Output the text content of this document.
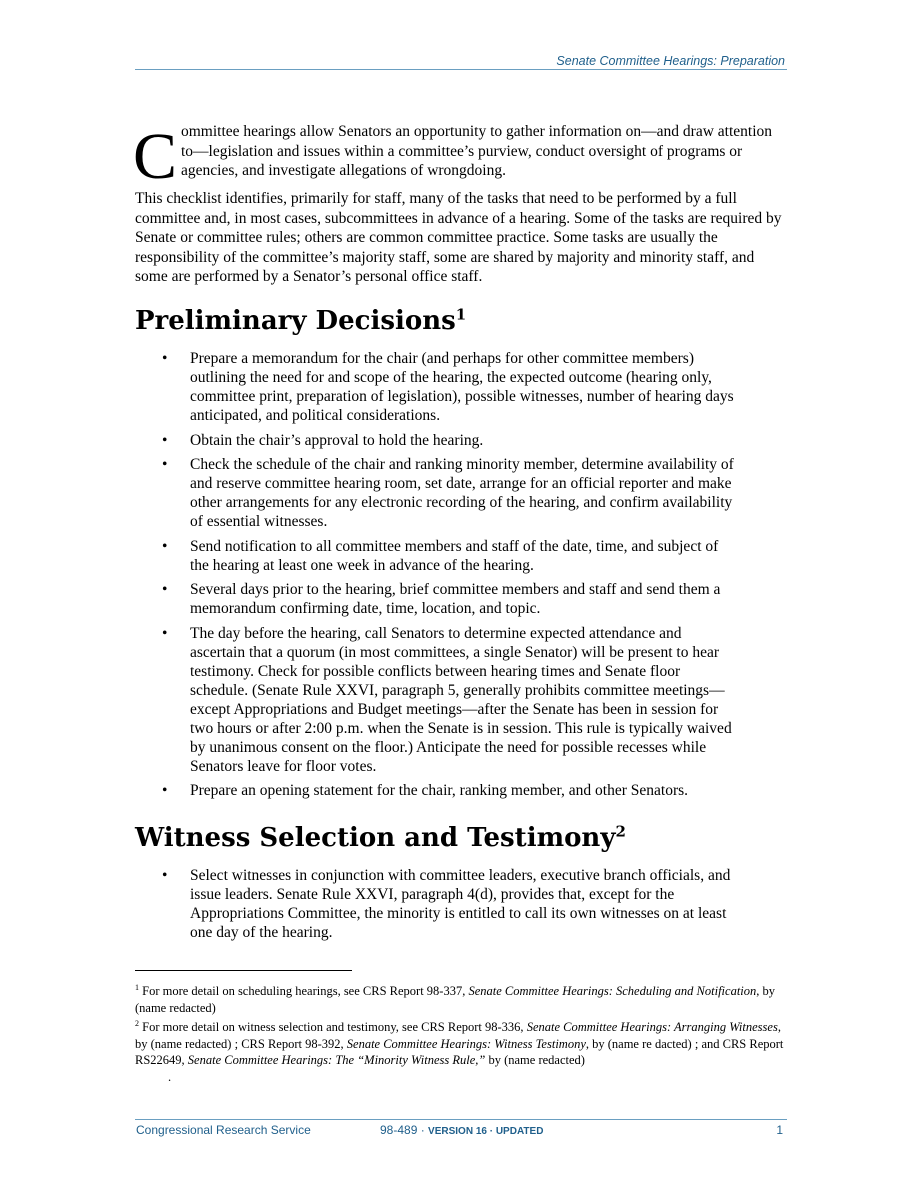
Senate Committee Hearings: Preparation
C ommittee hearings allow Senators an opportunity to gather information on—and draw attention to—legislation and issues within a committee’s purview, conduct oversight of programs or agencies, and investigate allegations of wrongdoing.
This checklist identifies, primarily for staff, many of the tasks that need to be performed by a full committee and, in most cases, subcommittees in advance of a hearing. Some of the tasks are required by Senate or committee rules; others are common committee practice. Some tasks are usually the responsibility of the committee’s majority staff, some are shared by majority and minority staff, and some are performed by a Senator’s personal office staff.
Preliminary Decisions$^1$
• Prepare a memorandum for the chair (and perhaps for other committee members) outlining the need for and scope of the hearing, the expected outcome (hearing only, committee print, preparation of legislation), possible witnesses, number of hearing days anticipated, and political considerations.
• Obtain the chair’s approval to hold the hearing.
• Check the schedule of the chair and ranking minority member, determine availability of and reserve committee hearing room, set date, arrange for an official reporter and make other arrangements for any electronic recording of the hearing, and confirm availability of essential witnesses.
• Send notification to all committee members and staff of the date, time, and subject of the hearing at least one week in advance of the hearing.
• Several days prior to the hearing, brief committee members and staff and send them a memorandum confirming date, time, location, and topic.
• The day before the hearing, call Senators to determine expected attendance and ascertain that a quorum (in most committees, a single Senator) will be present to hear testimony. Check for possible conflicts between hearing times and Senate floor schedule. (Senate Rule XXVI, paragraph 5, generally prohibits committee meetings—except Appropriations and Budget meetings—after the Senate has been in session for two hours or after 2:00 p.m. when the Senate is in session. This rule is typically waived by unanimous consent on the floor.) Anticipate the need for possible recesses while Senators leave for floor votes.
• Prepare an opening statement for the chair, ranking member, and other Senators.
Witness Selection and Testimony$^2$
• Select witnesses in conjunction with committee leaders, executive branch officials, and issue leaders. Senate Rule XXVI, paragraph 4(d), provides that, except for the Appropriations Committee, the minority is entitled to call its own witnesses on at least one day of the hearing.
$^1$ For more detail on scheduling hearings, see CRS Report 98-337, Senate Committee Hearings: Scheduling and Notification, by (name redacted)
$^2$ For more detail on witness selection and testimony, see CRS Report 98-336, Senate Committee Hearings: Arranging Witnesses, by (name redacted) ; CRS Report 98-392, Senate Committee Hearings: Witness Testimony, by (name re dacted) ; and CRS Report RS22649, Senate Committee Hearings: The “Minority Witness Rule,” by (name redacted)
.
Congressional Research Service	98-489 · VERSION 16 · UPDATED	1
